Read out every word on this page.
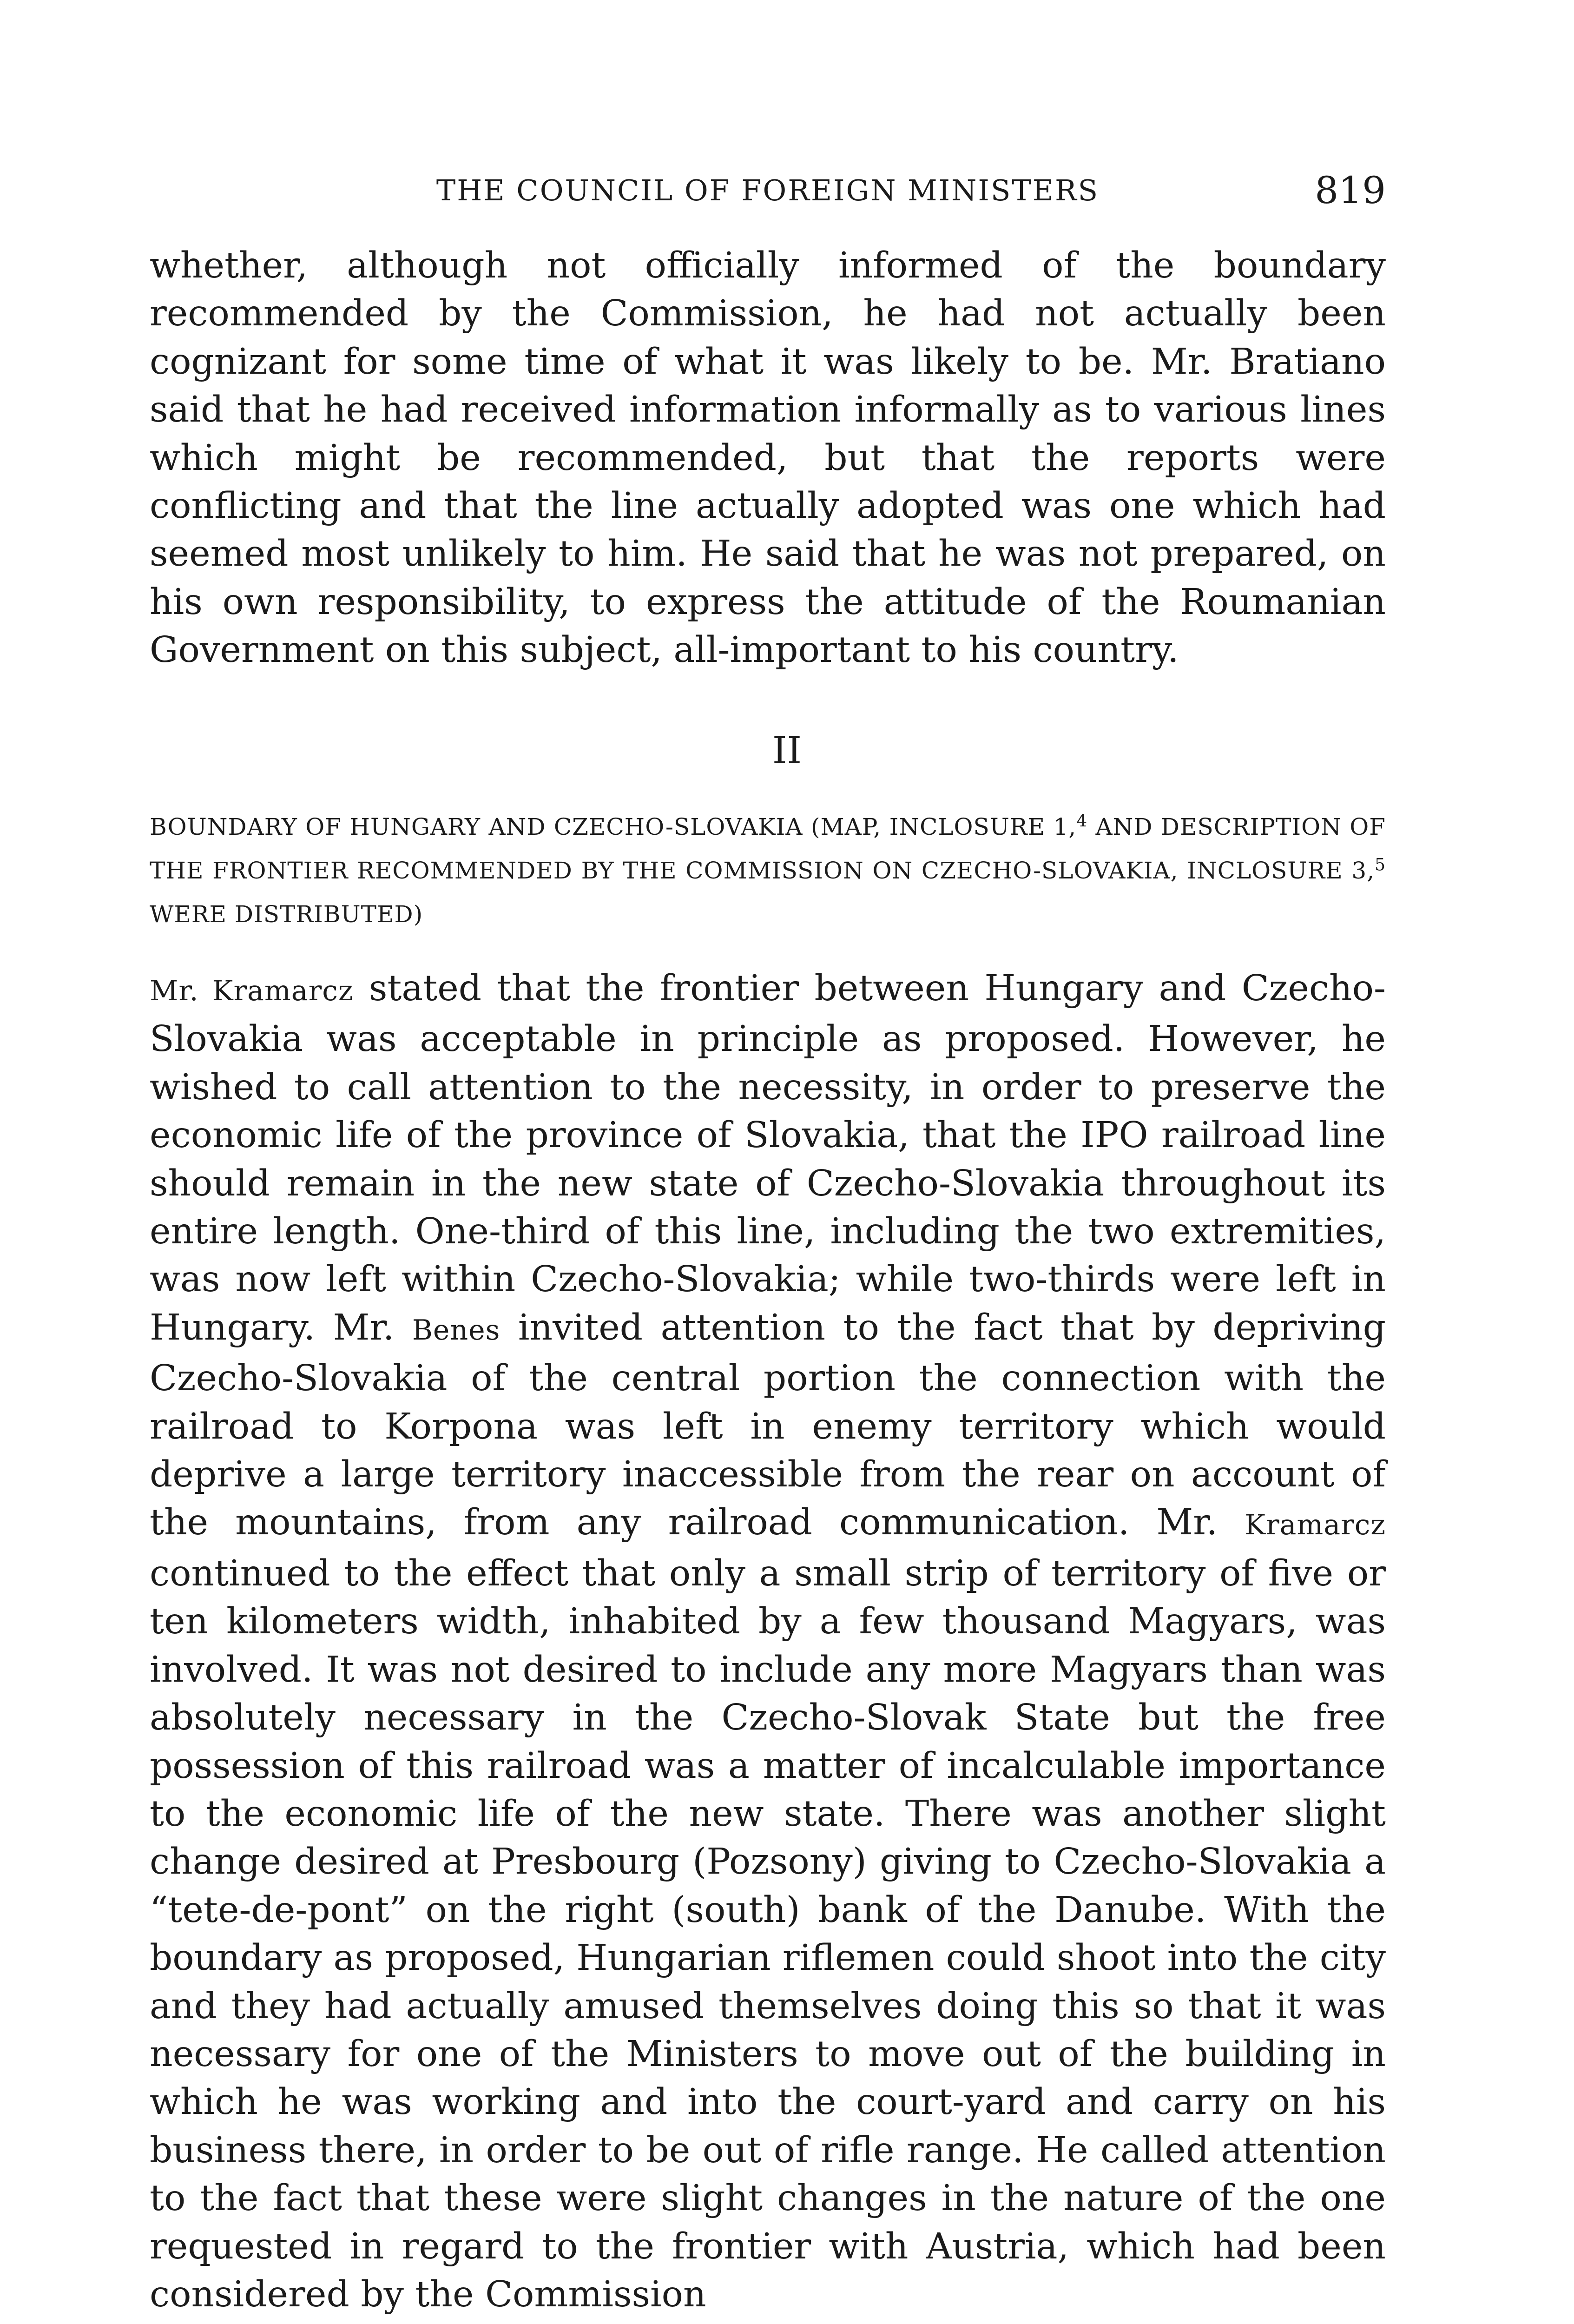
THE COUNCIL OF FOREIGN MINISTERS	819

whether, although not officially informed of the boundary recommended by the Commission, he had not actually been cognizant for some time of what it was likely to be. Mr. Bratiano said that he had received information informally as to various lines which might be recommended, but that the reports were conflicting and that the line actually adopted was one which had seemed most unlikely to him. He said that he was not prepared, on his own responsibility, to express the attitude of the Roumanian Government on this subject, all-important to his country.

II
BOUNDARY OF HUNGARY AND CZECHO-SLOVAKIA (MAP, INCLOSURE 1,$^4$ AND DESCRIPTION OF THE FRONTIER RECOMMENDED BY THE COMMISSION ON CZECHO-SLOVAKIA, INCLOSURE 3,$^5$ WERE DISTRIBUTED)

Mr. Kramarcz stated that the frontier between Hungary and Czecho-Slovakia was acceptable in principle as proposed. However, he wished to call attention to the necessity, in order to preserve the economic life of the province of Slovakia, that the IPO railroad line should remain in the new state of Czecho-Slovakia throughout its entire length. One-third of this line, including the two extremities, was now left within Czecho-Slovakia; while two-thirds were left in Hungary. Mr. Benes invited attention to the fact that by depriving Czecho-Slovakia of the central portion the connection with the railroad to Korpona was left in enemy territory which would deprive a large territory inaccessible from the rear on account of the mountains, from any railroad communication. Mr. Kramarcz continued to the effect that only a small strip of territory of five or ten kilometers width, inhabited by a few thousand Magyars, was involved. It was not desired to include any more Magyars than was absolutely necessary in the Czecho-Slovak State but the free possession of this railroad was a matter of incalculable importance to the economic life of the new state. There was another slight change desired at Presbourg (Pozsony) giving to Czecho-Slovakia a “tete-de-pont” on the right (south) bank of the Danube. With the boundary as proposed, Hungarian riflemen could shoot into the city and they had actually amused themselves doing this so that it was necessary for one of the Ministers to move out of the building in which he was working and into the court-yard and carry on his business there, in order to be out of rifle range. He called attention to the fact that these were slight changes in the nature of the one requested in regard to the frontier with Austria, which had been considered by the Commission
